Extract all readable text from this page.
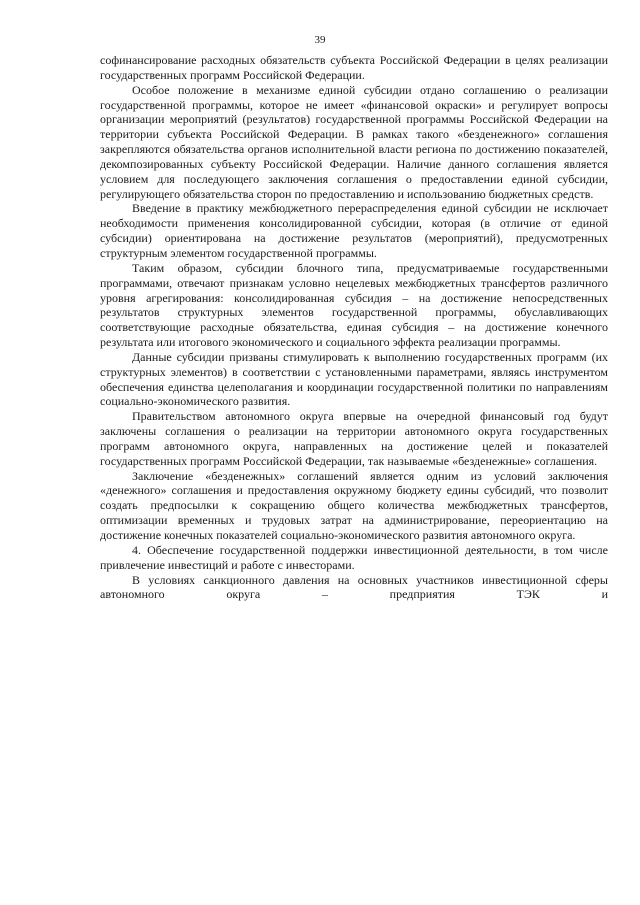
39

софинансирование расходных обязательств субъекта Российской Федерации в целях реализации государственных программ Российской Федерации.

Особое положение в механизме единой субсидии отдано соглашению о реализации государственной программы, которое не имеет «финансовой окраски» и регулирует вопросы организации мероприятий (результатов) государственной программы Российской Федерации на территории субъекта Российской Федерации. В рамках такого «безденежного» соглашения закрепляются обязательства органов исполнительной власти региона по достижению показателей, декомпозированных субъекту Российской Федерации. Наличие данного соглашения является условием для последующего заключения соглашения о предоставлении единой субсидии, регулирующего обязательства сторон по предоставлению и использованию бюджетных средств.

Введение в практику межбюджетного перераспределения единой субсидии не исключает необходимости применения консолидированной субсидии, которая (в отличие от единой субсидии) ориентирована на достижение результатов (мероприятий), предусмотренных структурным элементом государственной программы.

Таким образом, субсидии блочного типа, предусматриваемые государственными программами, отвечают признакам условно нецелевых межбюджетных трансфертов различного уровня агрегирования: консолидированная субсидия – на достижение непосредственных результатов структурных элементов государственной программы, обуславливающих соответствующие расходные обязательства, единая субсидия – на достижение конечного результата или итогового экономического и социального эффекта реализации программы.

Данные субсидии призваны стимулировать к выполнению государственных программ (их структурных элементов) в соответствии с установленными параметрами, являясь инструментом обеспечения единства целеполагания и координации государственной политики по направлениям социально-экономического развития.

Правительством автономного округа впервые на очередной финансовый год будут заключены соглашения о реализации на территории автономного округа государственных программ автономного округа, направленных на достижение целей и показателей государственных программ Российской Федерации, так называемые «безденежные» соглашения.

Заключение «безденежных» соглашений является одним из условий заключения «денежного» соглашения и предоставления окружному бюджету едины субсидий, что позволит создать предпосылки к сокращению общего количества межбюджетных трансфертов, оптимизации временных и трудовых затрат на администрирование, переориентацию на достижение конечных показателей социально-экономического развития автономного округа.

4. Обеспечение государственной поддержки инвестиционной деятельности, в том числе привлечение инвестиций и работе с инвесторами.

В условиях санкционного давления на основных участников инвестиционной сферы автономного округа – предприятия ТЭК и
